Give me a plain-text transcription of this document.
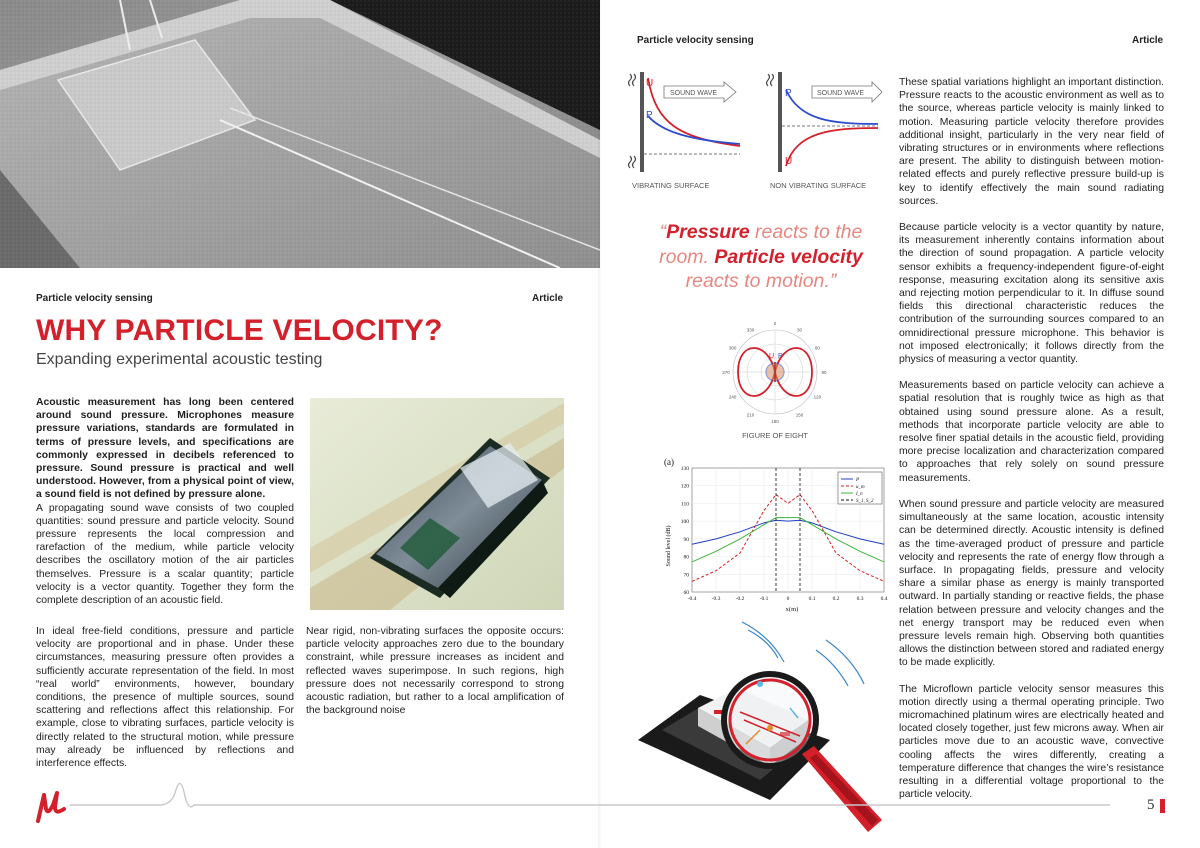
Particle velocity sensing	Article
WHY PARTICLE VELOCITY?
Expanding experimental acoustic testing

Acoustic measurement has long been centered around sound pressure. Microphones measure pressure variations, standards are formulated in terms of pressure levels, and specifications are commonly expressed in decibels referenced to pressure. Sound pressure is practical and well understood. However, from a physical point of view, a sound field is not defined by pressure alone.

A propagating sound wave consists of two coupled quantities: sound pressure and particle velocity. Sound pressure represents the local compression and rarefaction of the medium, while particle velocity describes the oscillatory motion of the air particles themselves. Pressure is a scalar quantity; particle velocity is a vector quantity. Together they form the complete description of an acoustic field.

In ideal free-field conditions, pressure and particle velocity are proportional and in phase. Under these circumstances, measuring pressure often provides a sufficiently accurate representation of the field. In most “real world” environments, however, boundary conditions, the presence of multiple sources, sound scattering and reflections affect this relationship. For example, close to vibrating surfaces, particle velocity is directly related to the structural motion, while pressure may already be influenced by reflections and interference effects.

Near rigid, non-vibrating surfaces the opposite occurs: particle velocity approaches zero due to the boundary constraint, while pressure increases as incident and reflected waves superimpose. In such regions, high pressure does not necessarily correspond to strong acoustic radiation, but rather to a local amplification of the background noise

Particle velocity sensing	Article
U
P
SOUND WAVE
VIBRATING SURFACE
P
U
SOUND WAVE
NON VIBRATING SURFACE
“Pressure reacts to the room. Particle velocity reacts to motion.”
0
30
60
90
120
150
180
210
240
270
300
330
U P
FIGURE OF EIGHT
(a)
Sound level (dB)
x(m)
-0.4	-0.3	-0.2	-0.1	0	0.1	0.2	0.3	0.4
60
70
80
90
100
110
120
130
P
u_m
I_n
S_1, S_2

These spatial variations highlight an important distinction. Pressure reacts to the acoustic environment as well as to the source, whereas particle velocity is mainly linked to motion. Measuring particle velocity therefore provides additional insight, particularly in the very near field of vibrating structures or in environments where reflections are present. The ability to distinguish between motion-related effects and purely reflective pressure build-up is key to identify effectively the main sound radiating sources.

Because particle velocity is a vector quantity by nature, its measurement inherently contains information about the direction of sound propagation. A particle velocity sensor exhibits a frequency-independent figure-of-eight response, measuring excitation along its sensitive axis and rejecting motion perpendicular to it. In diffuse sound fields this directional characteristic reduces the contribution of the surrounding sources compared to an omnidirectional pressure microphone. This behavior is not imposed electronically; it follows directly from the physics of measuring a vector quantity.

Measurements based on particle velocity can achieve a spatial resolution that is roughly twice as high as that obtained using sound pressure alone. As a result, methods that incorporate particle velocity are able to resolve finer spatial details in the acoustic field, providing more precise localization and characterization compared to approaches that rely solely on sound pressure measurements.

When sound pressure and particle velocity are measured simultaneously at the same location, acoustic intensity can be determined directly. Acoustic intensity is defined as the time-averaged product of pressure and particle velocity and represents the rate of energy flow through a surface. In propagating fields, pressure and velocity share a similar phase as energy is mainly transported outward. In partially standing or reactive fields, the phase relation between pressure and velocity changes and the net energy transport may be reduced even when pressure levels remain high. Observing both quantities allows the distinction between stored and radiated energy to be made explicitly.

The Microflown particle velocity sensor measures this motion directly using a thermal operating principle. Two micromachined platinum wires are electrically heated and located closely together, just few microns away. When air particles move due to an acoustic wave, convective cooling affects the wires differently, creating a temperature difference that changes the wire’s resistance resulting in a differential voltage proportional to the particle velocity.

5
